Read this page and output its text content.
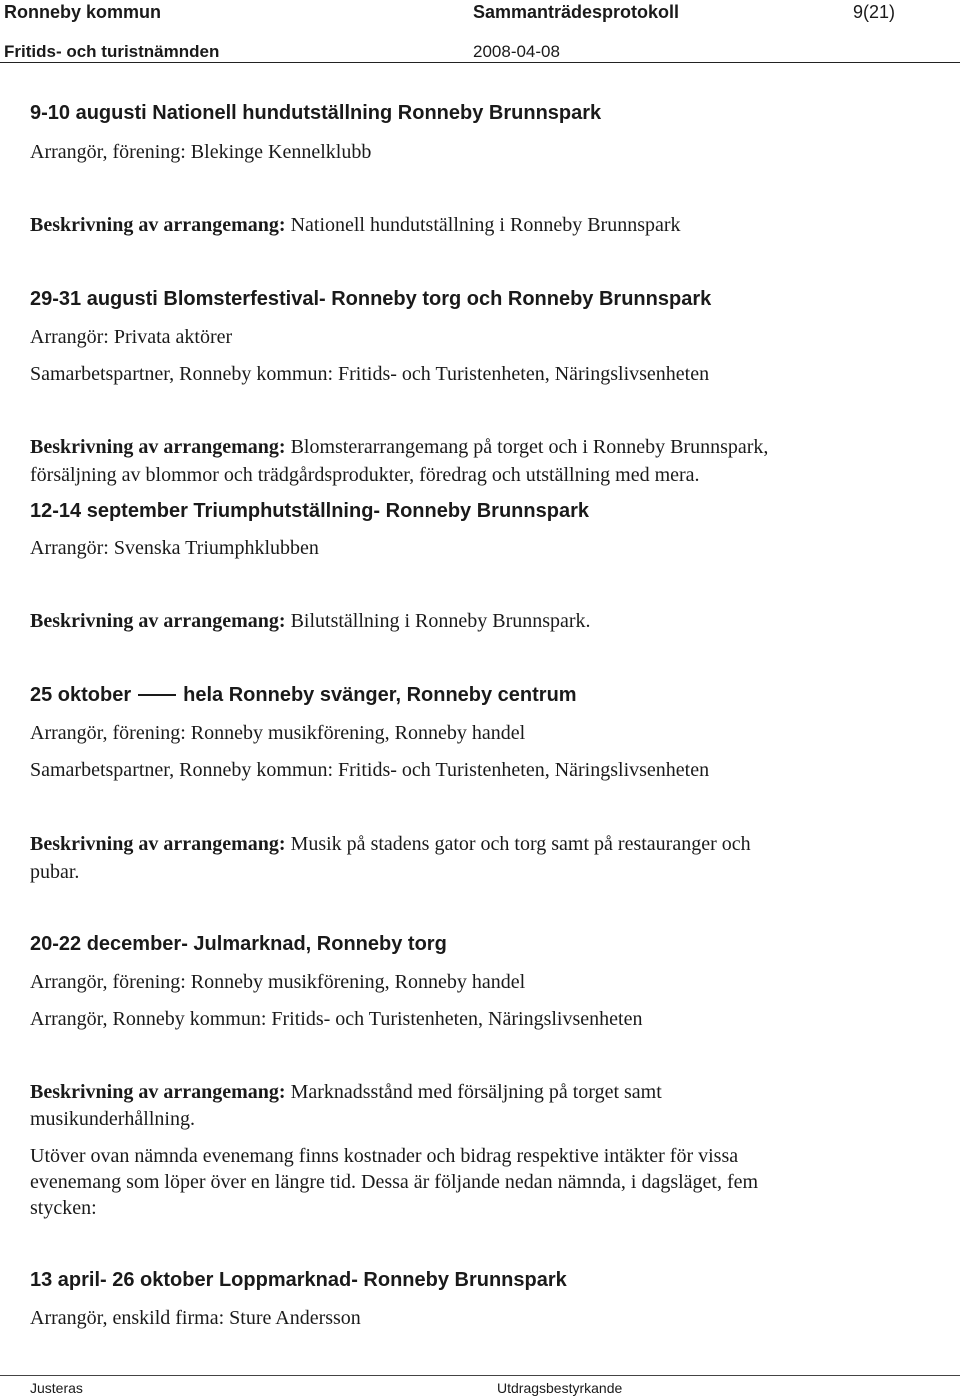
Ronneby kommun	Sammanträdesprotokoll	9(21)
Fritids- och turistnämnden	2008-04-08
9-10 augusti Nationell hundutställning Ronneby Brunnspark
Arrangör, förening: Blekinge Kennelklubb
Beskrivning av arrangemang: Nationell hundutställning i Ronneby Brunnspark
29-31 augusti Blomsterfestival- Ronneby torg och Ronneby Brunnspark
Arrangör: Privata aktörer
Samarbetspartner, Ronneby kommun: Fritids- och Turistenheten, Näringslivsenheten
Beskrivning av arrangemang: Blomsterarrangemang på torget och i Ronneby Brunnspark,
försäljning av blommor och trädgårdsprodukter, föredrag och utställning med mera.
12-14 september Triumphutställning- Ronneby Brunnspark
Arrangör: Svenska Triumphklubben
Beskrivning av arrangemang: Bilutställning i Ronneby Brunnspark.
25 oktober	hela Ronneby svänger, Ronneby centrum
Arrangör, förening: Ronneby musikförening, Ronneby handel
Samarbetspartner, Ronneby kommun: Fritids- och Turistenheten, Näringslivsenheten
Beskrivning av arrangemang: Musik på stadens gator och torg samt på restauranger och
pubar.
20-22 december- Julmarknad, Ronneby torg
Arrangör, förening: Ronneby musikförening, Ronneby handel
Arrangör, Ronneby kommun: Fritids- och Turistenheten, Näringslivsenheten
Beskrivning av arrangemang: Marknadsstånd med försäljning på torget samt
musikunderhållning.
Utöver ovan nämnda evenemang finns kostnader och bidrag respektive intäkter för vissa
evenemang som löper över en längre tid. Dessa är följande nedan nämnda, i dagsläget, fem
stycken:
13 april- 26 oktober Loppmarknad- Ronneby Brunnspark
Arrangör, enskild firma: Sture Andersson
Justeras	Utdragsbestyrkande
